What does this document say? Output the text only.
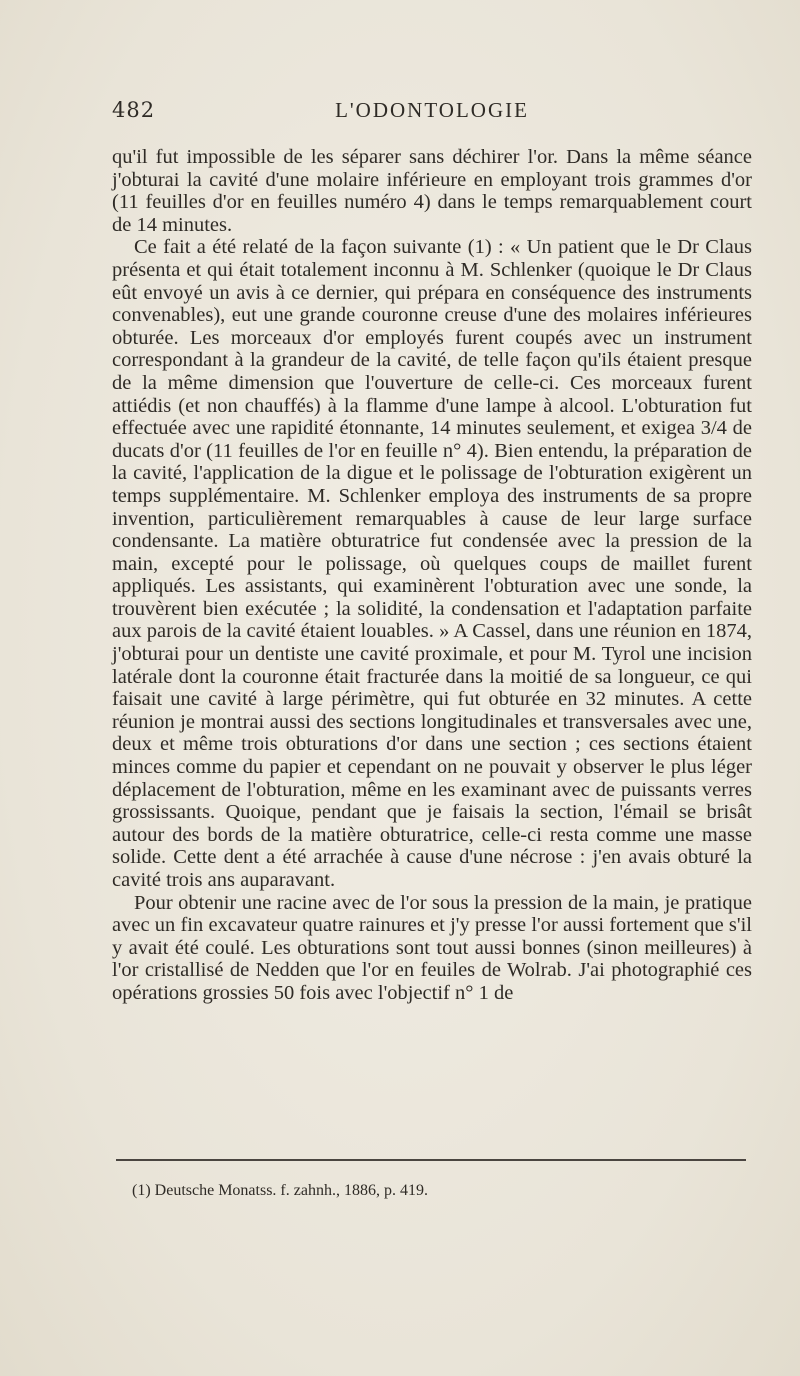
482	L'ODONTOLOGIE

qu'il fut impossible de les séparer sans déchirer l'or. Dans la même séance j'obturai la cavité d'une molaire inférieure en employant trois grammes d'or (11 feuilles d'or en feuilles numéro 4) dans le temps remarquablement court de 14 minutes.

Ce fait a été relaté de la façon suivante (1) : « Un patient que le Dr Claus présenta et qui était totalement inconnu à M. Schlenker (quoique le Dr Claus eût envoyé un avis à ce dernier, qui prépara en conséquence des instruments convenables), eut une grande couronne creuse d'une des molaires inférieures obturée. Les morceaux d'or employés furent coupés avec un instrument correspondant à la grandeur de la cavité, de telle façon qu'ils étaient presque de la même dimension que l'ouverture de celle-ci. Ces morceaux furent attiédis (et non chauffés) à la flamme d'une lampe à alcool. L'obturation fut effectuée avec une rapidité étonnante, 14 minutes seulement, et exigea 3/4 de ducats d'or (11 feuilles de l'or en feuille n° 4). Bien entendu, la préparation de la cavité, l'application de la digue et le polissage de l'obturation exigèrent un temps supplémentaire. M. Schlenker employa des instruments de sa propre invention, particulièrement remarquables à cause de leur large surface condensante. La matière obturatrice fut condensée avec la pression de la main, excepté pour le polissage, où quelques coups de maillet furent appliqués. Les assistants, qui examinèrent l'obturation avec une sonde, la trouvèrent bien exécutée ; la solidité, la condensation et l'adaptation parfaite aux parois de la cavité étaient louables. » A Cassel, dans une réunion en 1874, j'obturai pour un dentiste une cavité proximale, et pour M. Tyrol une incision latérale dont la couronne était fracturée dans la moitié de sa longueur, ce qui faisait une cavité à large périmètre, qui fut obturée en 32 minutes. A cette réunion je montrai aussi des sections longitudinales et transversales avec une, deux et même trois obturations d'or dans une section ; ces sections étaient minces comme du papier et cependant on ne pouvait y observer le plus léger déplacement de l'obturation, même en les examinant avec de puissants verres grossissants. Quoique, pendant que je faisais la section, l'émail se brisât autour des bords de la matière obturatrice, celle-ci resta comme une masse solide. Cette dent a été arrachée à cause d'une nécrose : j'en avais obturé la cavité trois ans auparavant.

Pour obtenir une racine avec de l'or sous la pression de la main, je pratique avec un fin excavateur quatre rainures et j'y presse l'or aussi fortement que s'il y avait été coulé. Les obturations sont tout aussi bonnes (sinon meilleures) à l'or cristallisé de Nedden que l'or en feuiles de Wolrab. J'ai photographié ces opérations grossies 50 fois avec l'objectif n° 1 de

(1) Deutsche Monatss. f. zahnh., 1886, p. 419.
